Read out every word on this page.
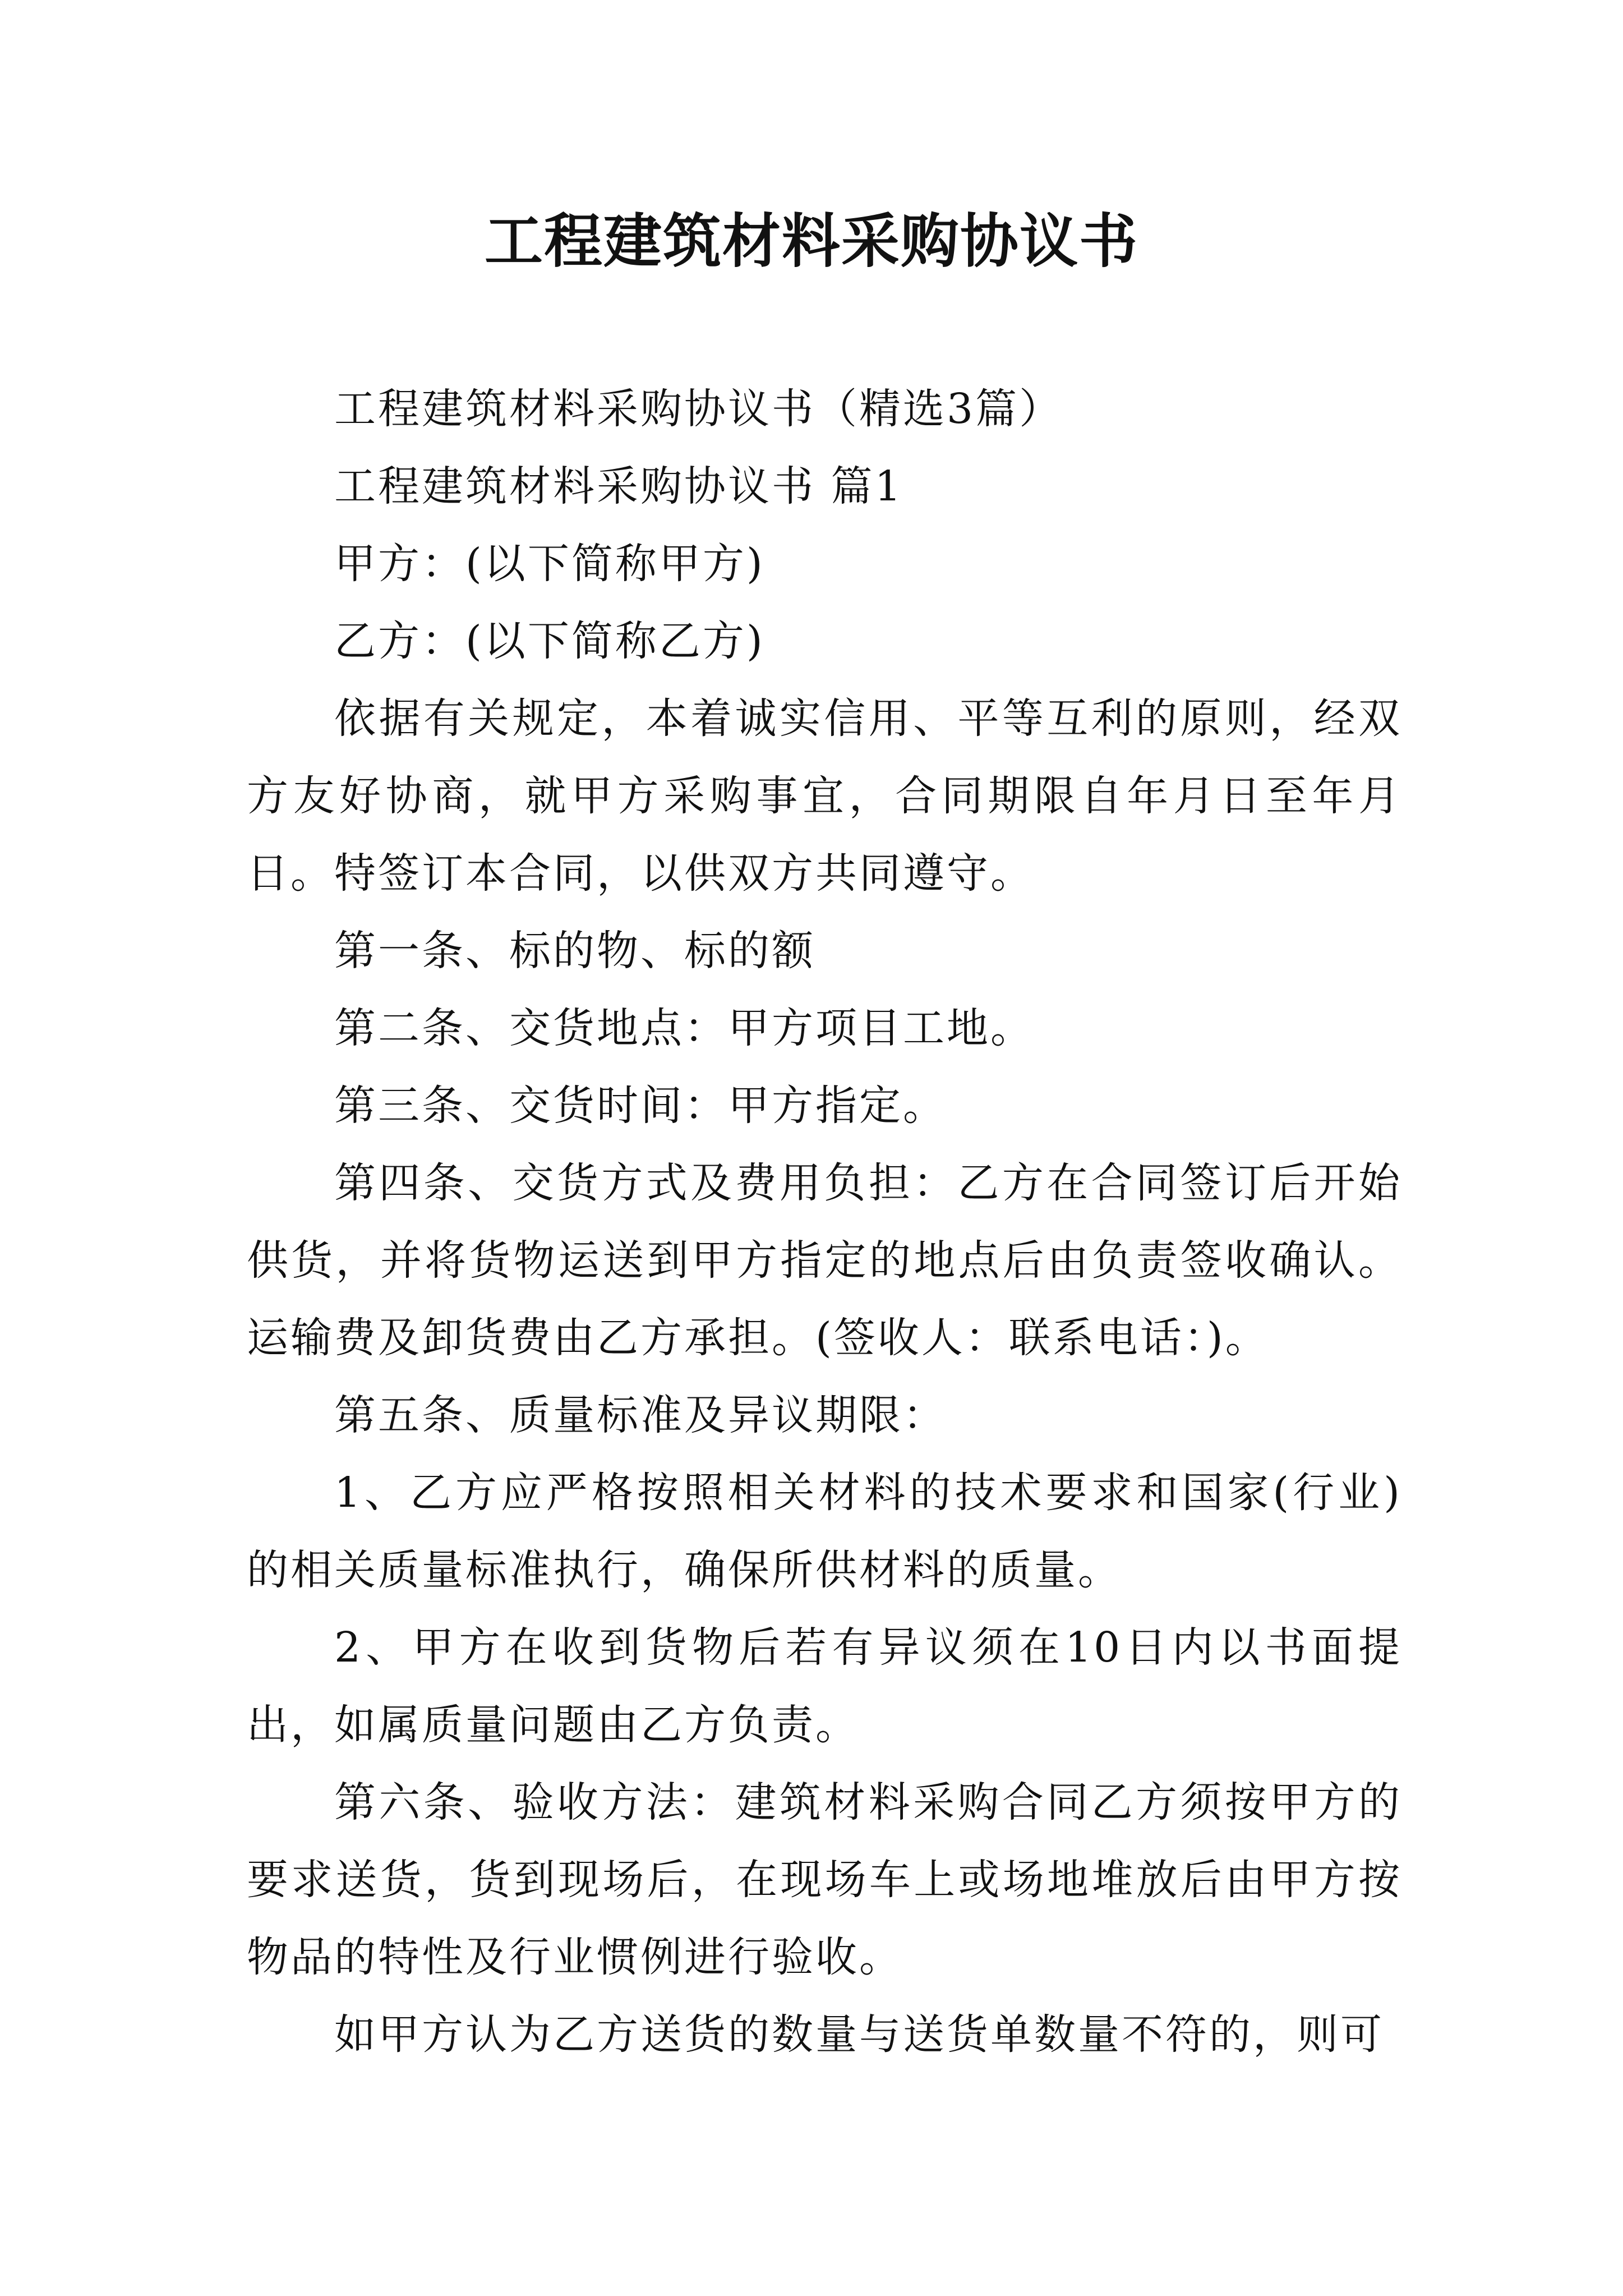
工程建筑材料采购协议书

工程建筑材料采购协议书（精选3篇）

工程建筑材料采购协议书 篇1

甲方：(以下简称甲方)

乙方：(以下简称乙方)

依据有关规定，本着诚实信用、平等互利的原则，经双方友好协商，就甲方采购事宜，合同期限自年月日至年月日。特签订本合同，以供双方共同遵守。

第一条、标的物、标的额

第二条、交货地点：甲方项目工地。

第三条、交货时间：甲方指定。

第四条、交货方式及费用负担：乙方在合同签订后开始供货，并将货物运送到甲方指定的地点后由负责签收确认。运输费及卸货费由乙方承担。(签收人：联系电话：)。

第五条、质量标准及异议期限：

1、乙方应严格按照相关材料的技术要求和国家(行业)的相关质量标准执行，确保所供材料的质量。

2、甲方在收到货物后若有异议须在10日内以书面提出，如属质量问题由乙方负责。

第六条、验收方法：建筑材料采购合同乙方须按甲方的要求送货，货到现场后，在现场车上或场地堆放后由甲方按物品的特性及行业惯例进行验收。

如甲方认为乙方送货的数量与送货单数量不符的，则可
